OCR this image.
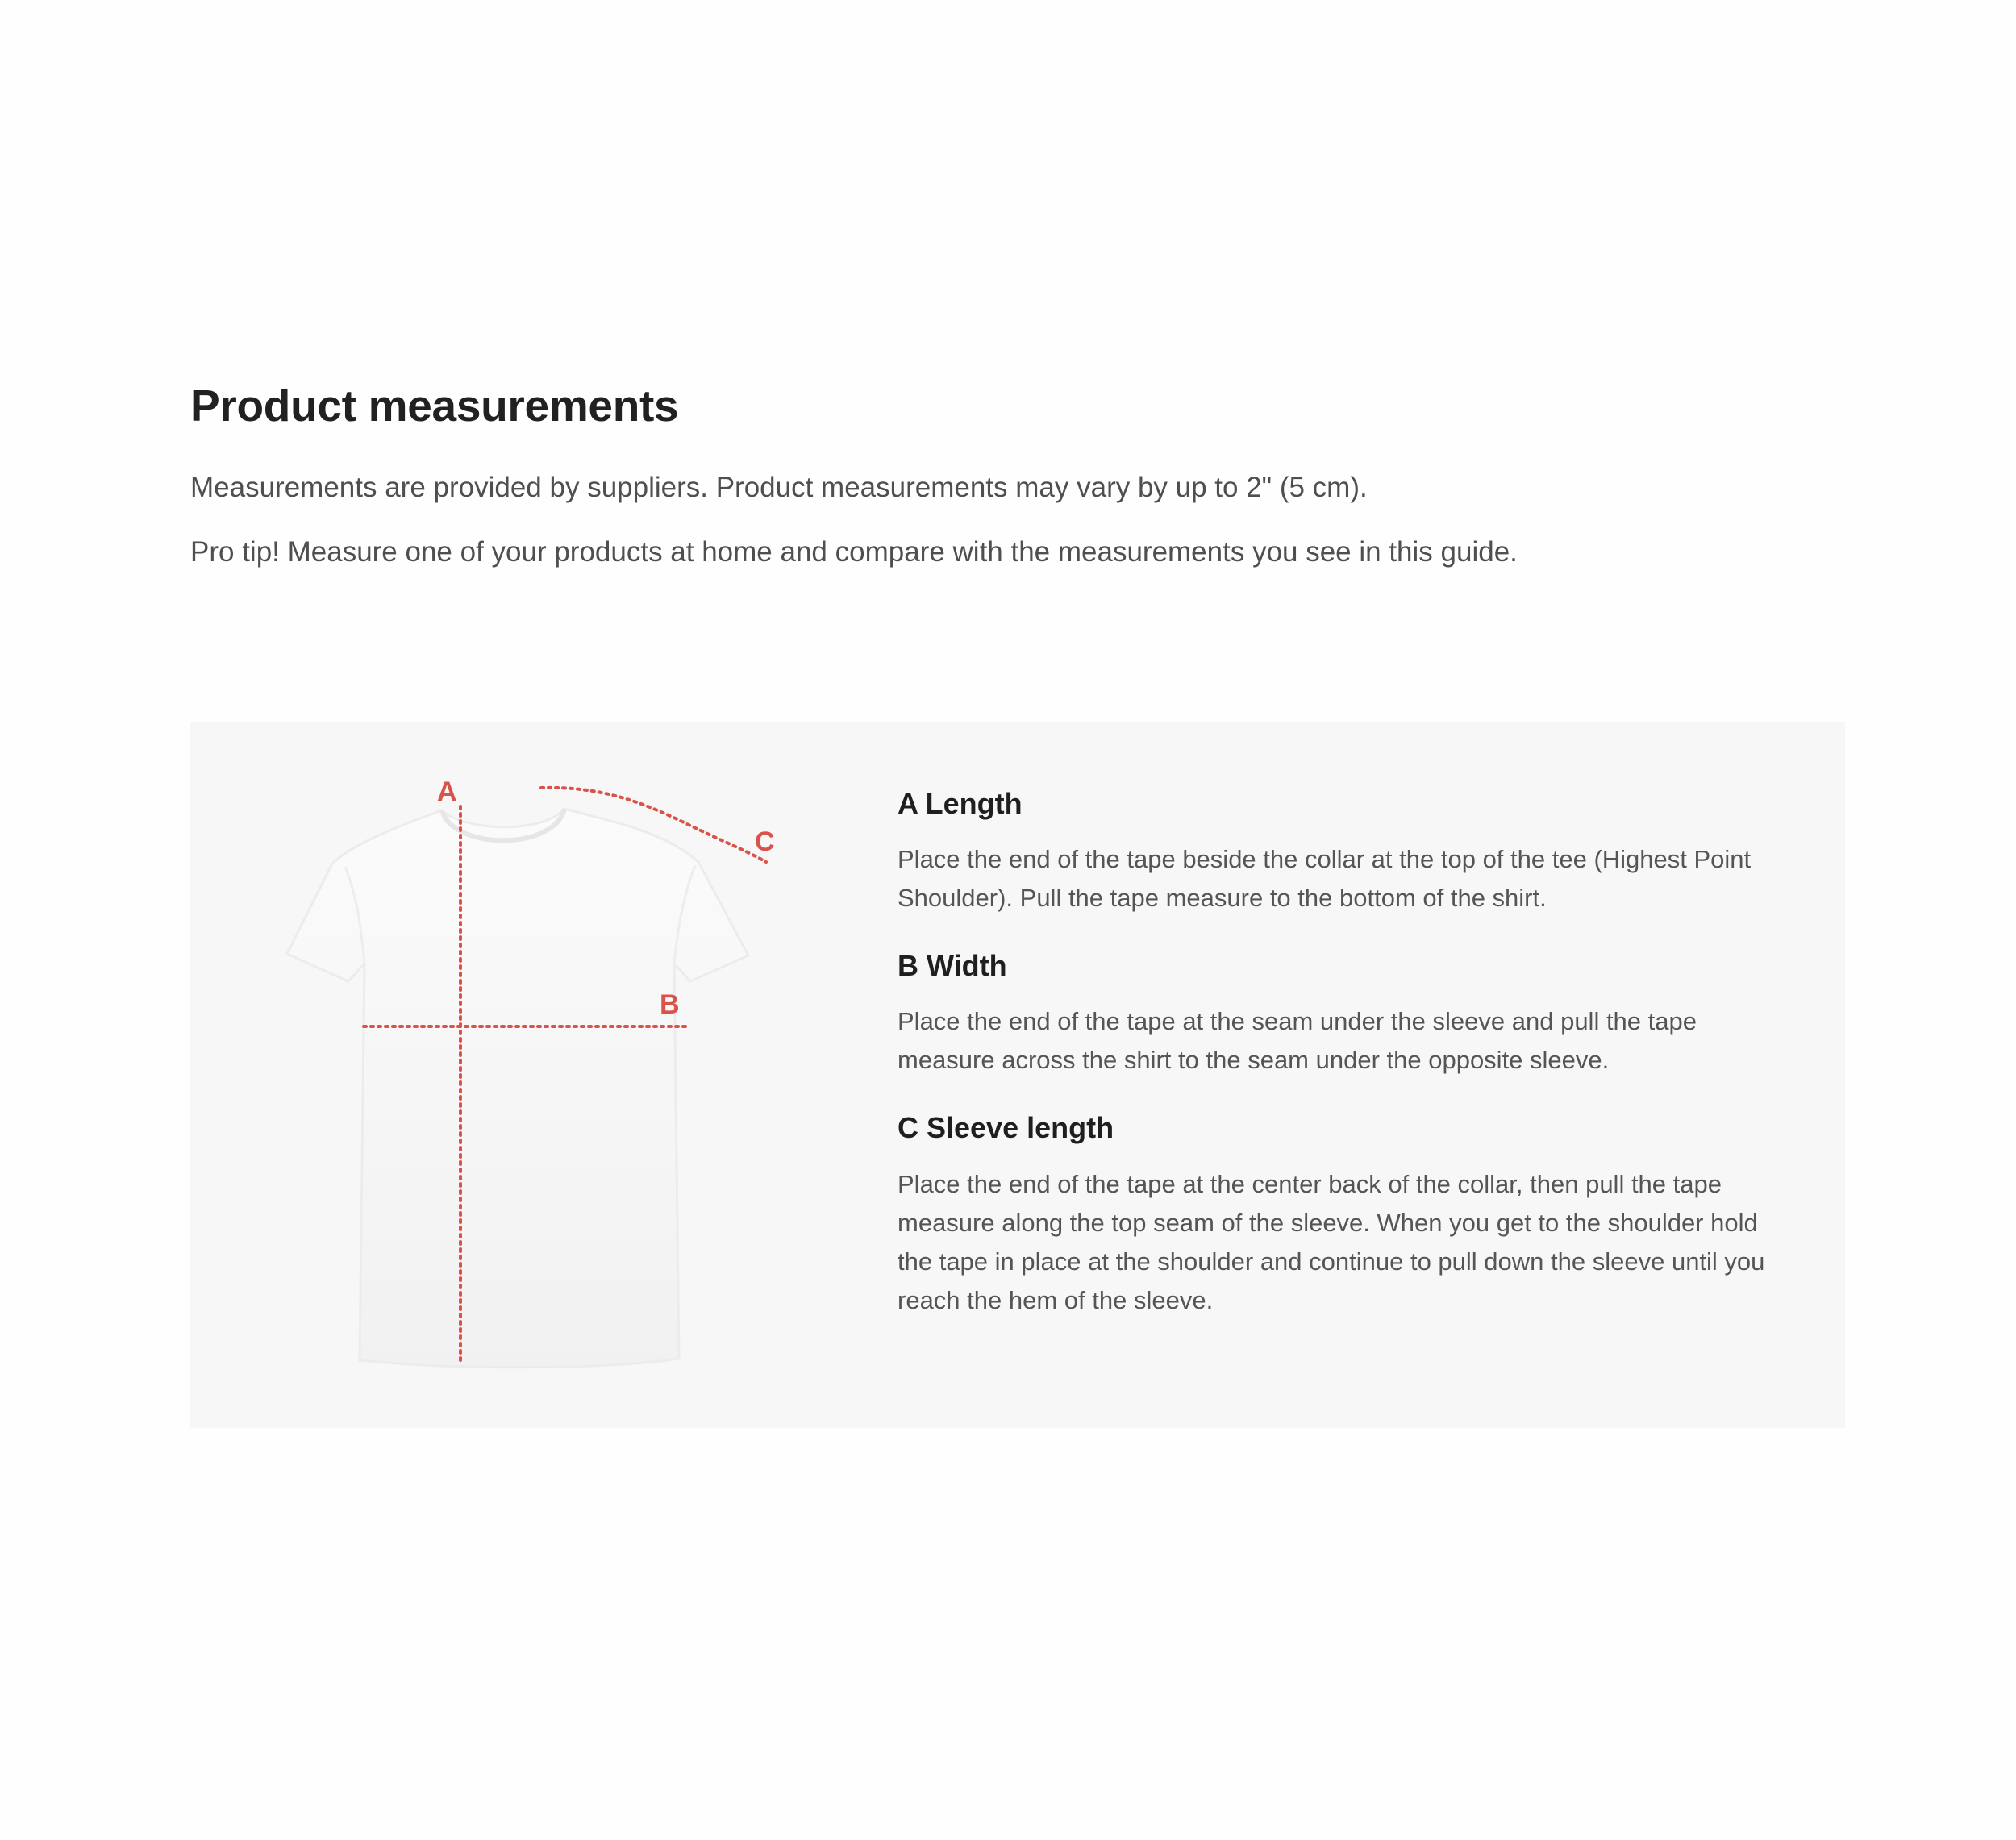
Product measurements

Measurements are provided by suppliers. Product measurements may vary by up to 2" (5 cm).

Pro tip! Measure one of your products at home and compare with the measurements you see in this guide.

A
B
C
A Length
Place the end of the tape beside the collar at the top of the tee (Highest Point Shoulder). Pull the tape measure to the bottom of the shirt.
B Width
Place the end of the tape at the seam under the sleeve and pull the tape measure across the shirt to the seam under the opposite sleeve.
C Sleeve length
Place the end of the tape at the center back of the collar, then pull the tape measure along the top seam of the sleeve. When you get to the shoulder hold the tape in place at the shoulder and continue to pull down the sleeve until you reach the hem of the sleeve.
